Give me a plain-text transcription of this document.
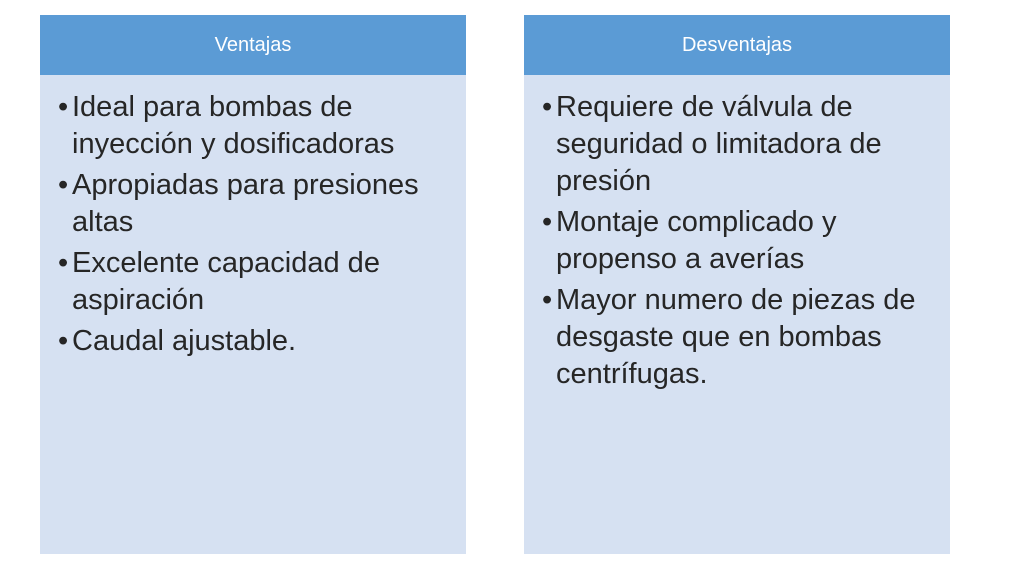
Ventajas
• Ideal para bombas de inyección y dosificadoras
• Apropiadas para presiones altas
• Excelente capacidad de aspiración
• Caudal ajustable.
Desventajas
• Requiere de válvula de seguridad o limitadora de presión
• Montaje complicado y propenso a averías
• Mayor numero de piezas de desgaste que en bombas centrífugas.
